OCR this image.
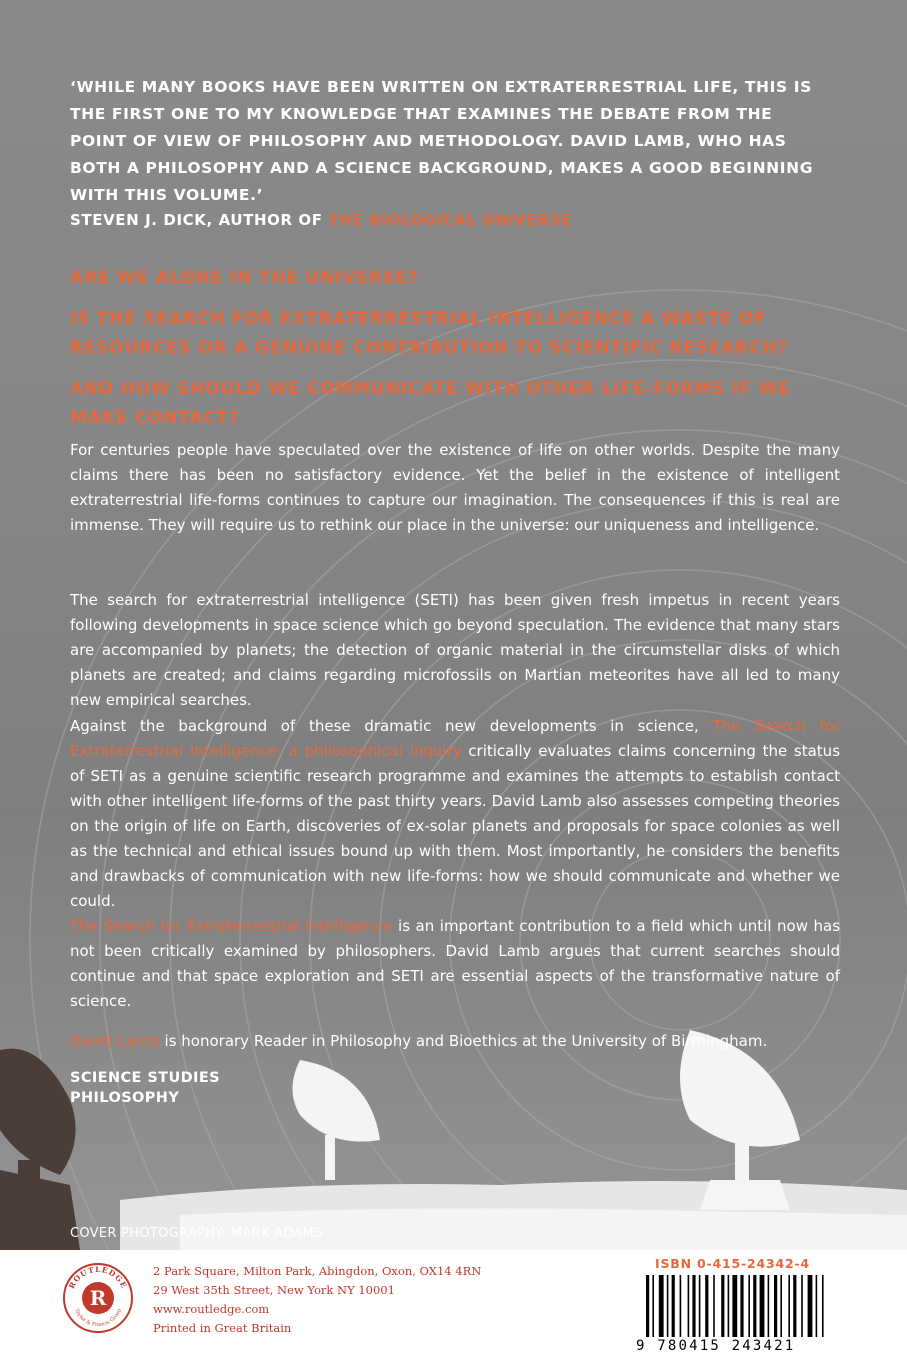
‘WHILE MANY BOOKS HAVE BEEN WRITTEN ON EXTRATERRESTRIAL LIFE, THIS IS THE FIRST ONE TO MY KNOWLEDGE THAT EXAMINES THE DEBATE FROM THE POINT OF VIEW OF PHILOSOPHY AND METHODOLOGY. DAVID LAMB, WHO HAS BOTH A PHILOSOPHY AND A SCIENCE BACKGROUND, MAKES A GOOD BEGINNING WITH THIS VOLUME.’
STEVEN J. DICK, AUTHOR OF THE BIOLOGICAL UNIVERSE
ARE WE ALONE IN THE UNIVERSE?
IS THE SEARCH FOR EXTRATERRESTRIAL INTELLIGENCE A WASTE OF RESOURCES OR A GENUINE CONTRIBUTION TO SCIENTIFIC RESEARCH?
AND HOW SHOULD WE COMMUNICATE WITH OTHER LIFE-FORMS IF WE MAKE CONTACT?
For centuries people have speculated over the existence of life on other worlds. Despite the many claims there has been no satisfactory evidence. Yet the belief in the existence of intelligent extraterrestrial life-forms continues to capture our imagination. The consequences if this is real are immense. They will require us to rethink our place in the universe: our uniqueness and intelligence.
The search for extraterrestrial intelligence (SETI) has been given fresh impetus in recent years following developments in space science which go beyond speculation. The evidence that many stars are accompanied by planets; the detection of organic material in the circumstellar disks of which planets are created; and claims regarding microfossils on Martian meteorites have all led to many new empirical searches.
Against the background of these dramatic new developments in science, The Search for Extraterrestrial Intelligence: a philosophical inquiry critically evaluates claims concerning the status of SETI as a genuine scientific research programme and examines the attempts to establish contact with other intelligent life-forms of the past thirty years. David Lamb also assesses competing theories on the origin of life on Earth, discoveries of ex-solar planets and proposals for space colonies as well as the technical and ethical issues bound up with them. Most importantly, he considers the benefits and drawbacks of communication with new life-forms: how we should communicate and whether we could.
The Search for Extraterrestrial Intelligence is an important contribution to a field which until now has not been critically examined by philosophers. David Lamb argues that current searches should continue and that space exploration and SETI are essential aspects of the transformative nature of science.
David Lamb is honorary Reader in Philosophy and Bioethics at the University of Birmingham.
SCIENCE STUDIES
PHILOSOPHY
COVER PHOTOGRAPHY: MARK ADAMS
R
ROUTLEDGE
Taylor & Francis Group
2 Park Square, Milton Park, Abingdon, Oxon, OX14 4RN
29 West 35th Street, New York NY 10001
www.routledge.com
Printed in Great Britain
ISBN 0-415-24342-4
9 780415 243421
